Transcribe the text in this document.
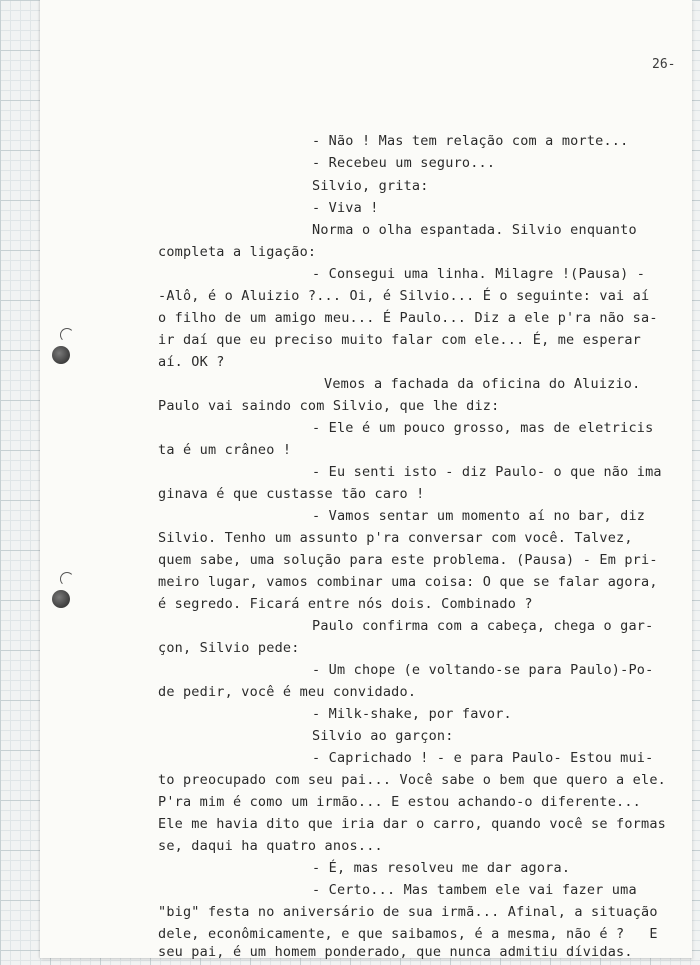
26-
- Não ! Mas tem relação com a morte...
- Recebeu um seguro...
Silvio, grita:
- Viva !
Norma o olha espantada. Silvio enquanto
completa a ligação:
- Consegui uma linha. Milagre !(Pausa) -
-Alô, é o Aluizio ?... Oi, é Silvio... É o seguinte: vai aí
o filho de um amigo meu... É Paulo... Diz a ele p'ra não sa-
ir daí que eu preciso muito falar com ele... É, me esperar
aí. OK ?
Vemos a fachada da oficina do Aluizio.
Paulo vai saindo com Silvio, que lhe diz:
- Ele é um pouco grosso, mas de eletricis
ta é um crâneo !
- Eu senti isto - diz Paulo- o que não ima
ginava é que custasse tão caro !
- Vamos sentar um momento aí no bar, diz
Silvio. Tenho um assunto p'ra conversar com você. Talvez,
quem sabe, uma solução para este problema. (Pausa) - Em pri-
meiro lugar, vamos combinar uma coisa: O que se falar agora,
é segredo. Ficará entre nós dois. Combinado ?
Paulo confirma com a cabeça, chega o gar-
çon, Silvio pede:
- Um chope (e voltando-se para Paulo)-Po-
de pedir, você é meu convidado.
- Milk-shake, por favor.
Silvio ao garçon:
- Caprichado ! - e para Paulo- Estou mui-
to preocupado com seu pai... Você sabe o bem que quero a ele.
P'ra mim é como um irmão... E estou achando-o diferente...
Ele me havia dito que iria dar o carro, quando você se formas
se, daqui ha quatro anos...
- É, mas resolveu me dar agora.
- Certo... Mas tambem ele vai fazer uma
"big" festa no aniversário de sua irmã... Afinal, a situação
dele, econômicamente, e que saibamos, é a mesma, não é ?   E
seu pai, é um homem ponderado, que nunca admitiu dívidas.
